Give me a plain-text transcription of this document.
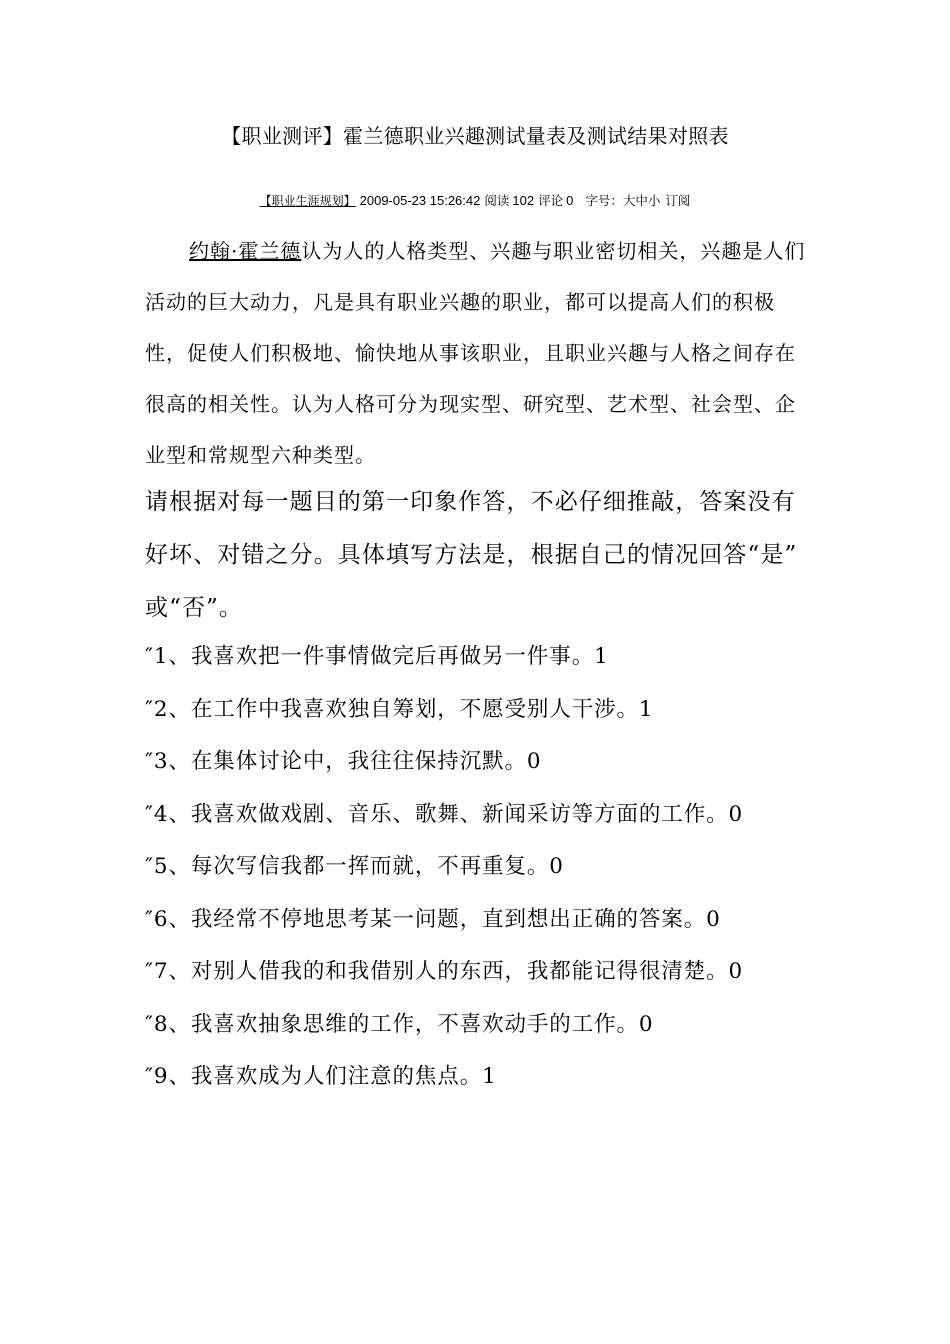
【职业测评】霍兰德职业兴趣测试量表及测试结果对照表
【职业生涯规划】 2009-05-23 15:26:42 阅读 102 评论 0 字号：大中小 订阅
约翰·霍兰德认为人的人格类型、兴趣与职业密切相关，兴趣是人们活动的巨大动力，凡是具有职业兴趣的职业，都可以提高人们的积极性，促使人们积极地、愉快地从事该职业，且职业兴趣与人格之间存在很高的相关性。认为人格可分为现实型、研究型、艺术型、社会型、企业型和常规型六种类型。
请根据对每一题目的第一印象作答，不必仔细推敲，答案没有好坏、对错之分。具体填写方法是，根据自己的情况回答“是” 或“否”。
″1、我喜欢把一件事情做完后再做另一件事。1
″2、在工作中我喜欢独自筹划，不愿受别人干涉。1
″3、在集体讨论中，我往往保持沉默。0
″4、我喜欢做戏剧、音乐、歌舞、新闻采访等方面的工作。0
″5、每次写信我都一挥而就，不再重复。0
″6、我经常不停地思考某一问题，直到想出正确的答案。0
″7、对别人借我的和我借别人的东西，我都能记得很清楚。0
″8、我喜欢抽象思维的工作，不喜欢动手的工作。0
″9、我喜欢成为人们注意的焦点。1
